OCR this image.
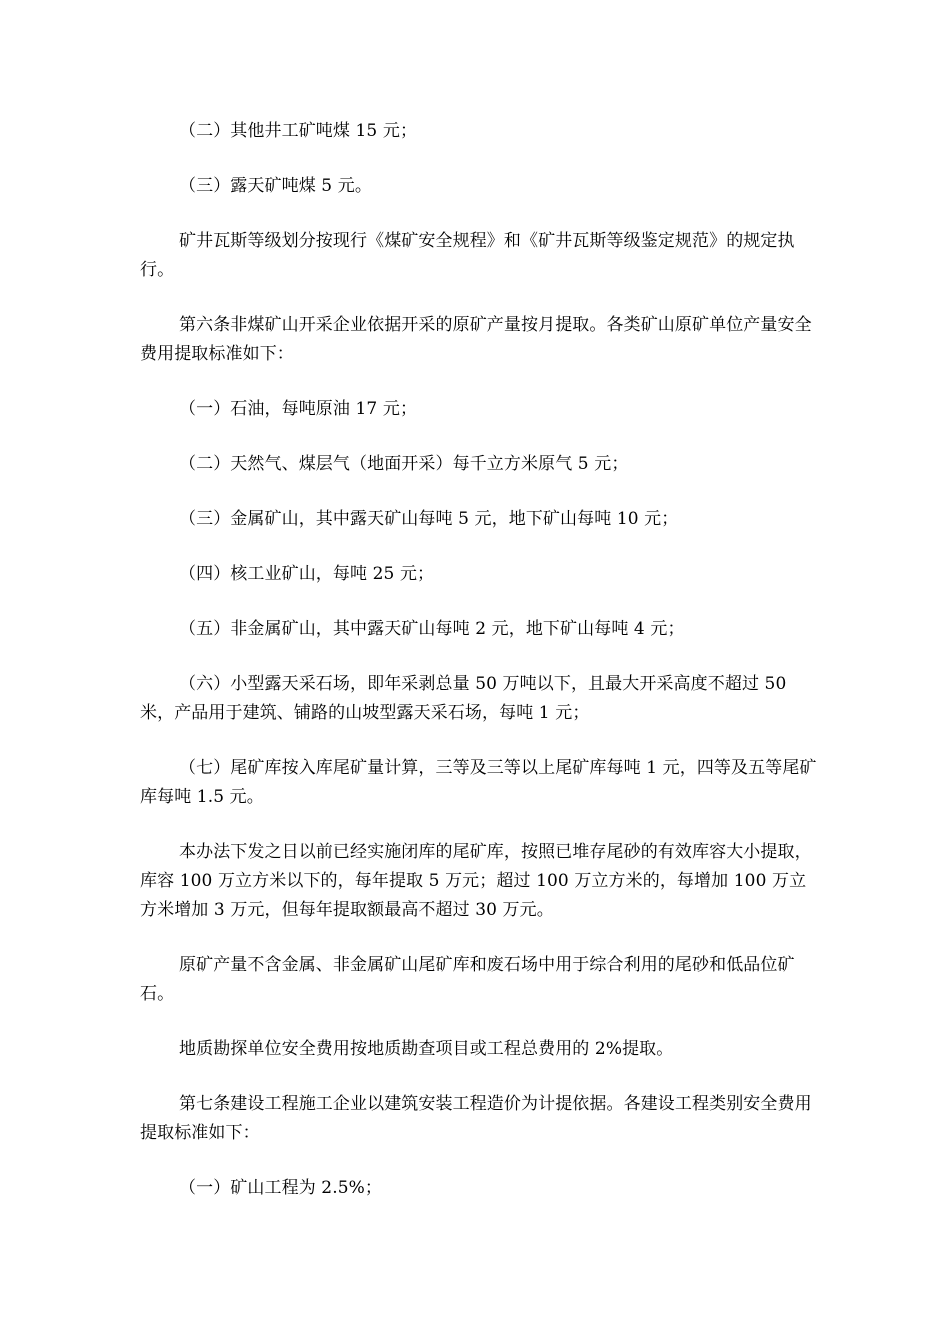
（二）其他井工矿吨煤 15 元；

（三）露天矿吨煤 5 元。

矿井瓦斯等级划分按现行《煤矿安全规程》和《矿井瓦斯等级鉴定规范》的规定执行。

第六条非煤矿山开采企业依据开采的原矿产量按月提取。各类矿山原矿单位产量安全费用提取标准如下：

（一）石油，每吨原油 17 元；

（二）天然气、煤层气（地面开采）每千立方米原气 5 元；

（三）金属矿山，其中露天矿山每吨 5 元，地下矿山每吨 10 元；

（四）核工业矿山，每吨 25 元；

（五）非金属矿山，其中露天矿山每吨 2 元，地下矿山每吨 4 元；

（六）小型露天采石场，即年采剥总量 50 万吨以下，且最大开采高度不超过 50 米，产品用于建筑、铺路的山坡型露天采石场，每吨 1 元；

（七）尾矿库按入库尾矿量计算，三等及三等以上尾矿库每吨 1 元，四等及五等尾矿库每吨 1.5 元。

本办法下发之日以前已经实施闭库的尾矿库，按照已堆存尾砂的有效库容大小提取，库容 100 万立方米以下的，每年提取 5 万元；超过 100 万立方米的，每增加 100 万立方米增加 3 万元，但每年提取额最高不超过 30 万元。

原矿产量不含金属、非金属矿山尾矿库和废石场中用于综合利用的尾砂和低品位矿石。

地质勘探单位安全费用按地质勘查项目或工程总费用的 2%提取。

第七条建设工程施工企业以建筑安装工程造价为计提依据。各建设工程类别安全费用提取标准如下：

（一）矿山工程为 2.5%；
